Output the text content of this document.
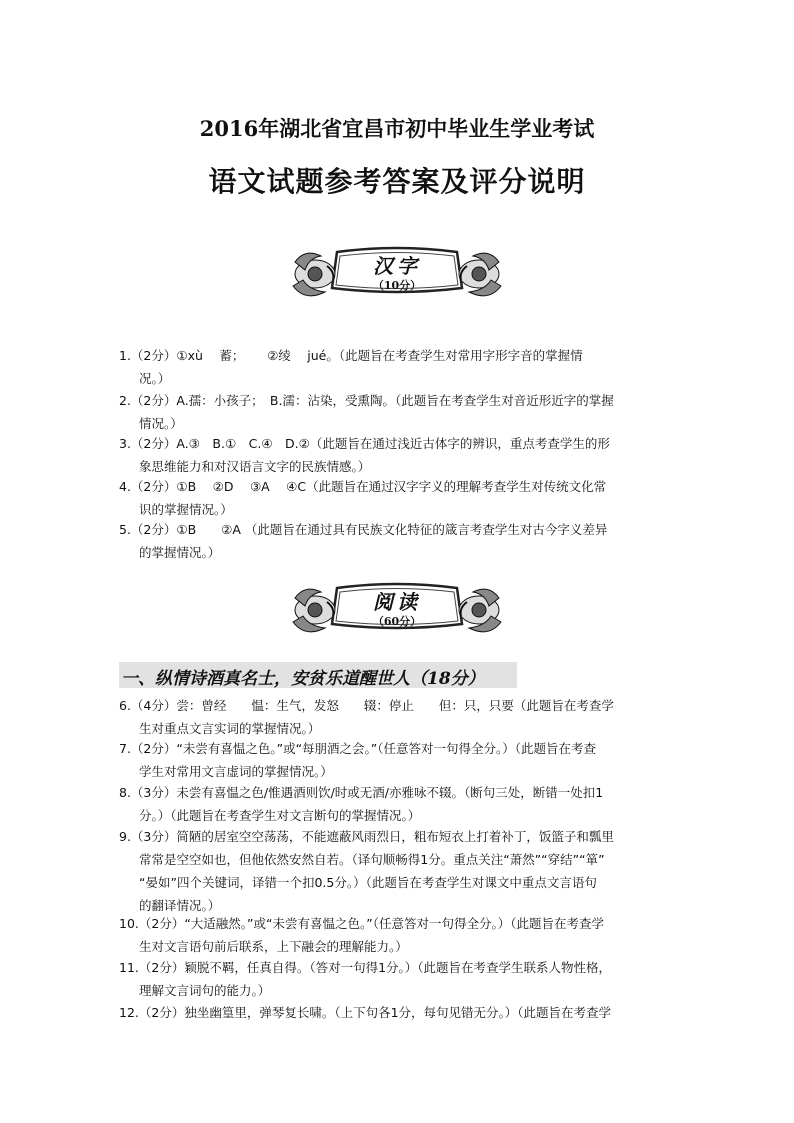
2016年湖北省宜昌市初中毕业生学业考试
语文试题参考答案及评分说明
汉字
（10分）
1.（2分）①xù　 蓄；　　 ②绫　 jué。（此题旨在考查学生对常用字形字音的掌握情
况。）
2.（2分）A.孺：小孩子；　B.濡：沾染，受熏陶。（此题旨在考查学生对音近形近字的掌握
情况。）
3.（2分）A.③　B.①　C.④　D.②（此题旨在通过浅近古体字的辨识，重点考查学生的形
象思维能力和对汉语言文字的民族情感。）
4.（2分）①B　 ②D　 ③A　 ④C（此题旨在通过汉字字义的理解考查学生对传统文化常
识的掌握情况。）
5.（2分）①B　　②A （此题旨在通过具有民族文化特征的箴言考查学生对古今字义差异
的掌握情况。）
阅读
（60分）
一、纵情诗酒真名士，安贫乐道醒世人（18分）
6.（4分）尝：曾经　　愠：生气，发怒　　辍：停止　　但：只，只要（此题旨在考查学
生对重点文言实词的掌握情况。）
7.（2分）“未尝有喜愠之色。”或“每朋酒之会。”（任意答对一句得全分。）（此题旨在考查
学生对常用文言虚词的掌握情况。）
8.（3分）未尝有喜愠之色/惟遇酒则饮/时或无酒/亦雅咏不辍。（断句三处，断错一处扣1
分。）（此题旨在考查学生对文言断句的掌握情况。）
9.（3分）简陋的居室空空荡荡，不能遮蔽风雨烈日，粗布短衣上打着补丁，饭篮子和瓢里
常常是空空如也，但他依然安然自若。（译句顺畅得1分。重点关注“萧然”“穿结”“箪”
“晏如”四个关键词，译错一个扣0.5分。）（此题旨在考查学生对课文中重点文言语句
的翻译情况。）
10.（2分）“大适融然。”或“未尝有喜愠之色。”（任意答对一句得全分。）（此题旨在考查学
生对文言语句前后联系，上下融会的理解能力。）
11.（2分）颖脱不羁，任真自得。（答对一句得1分。）（此题旨在考查学生联系人物性格，
理解文言词句的能力。）
12.（2分）独坐幽篁里，弹琴复长啸。（上下句各1分，每句见错无分。）（此题旨在考查学
